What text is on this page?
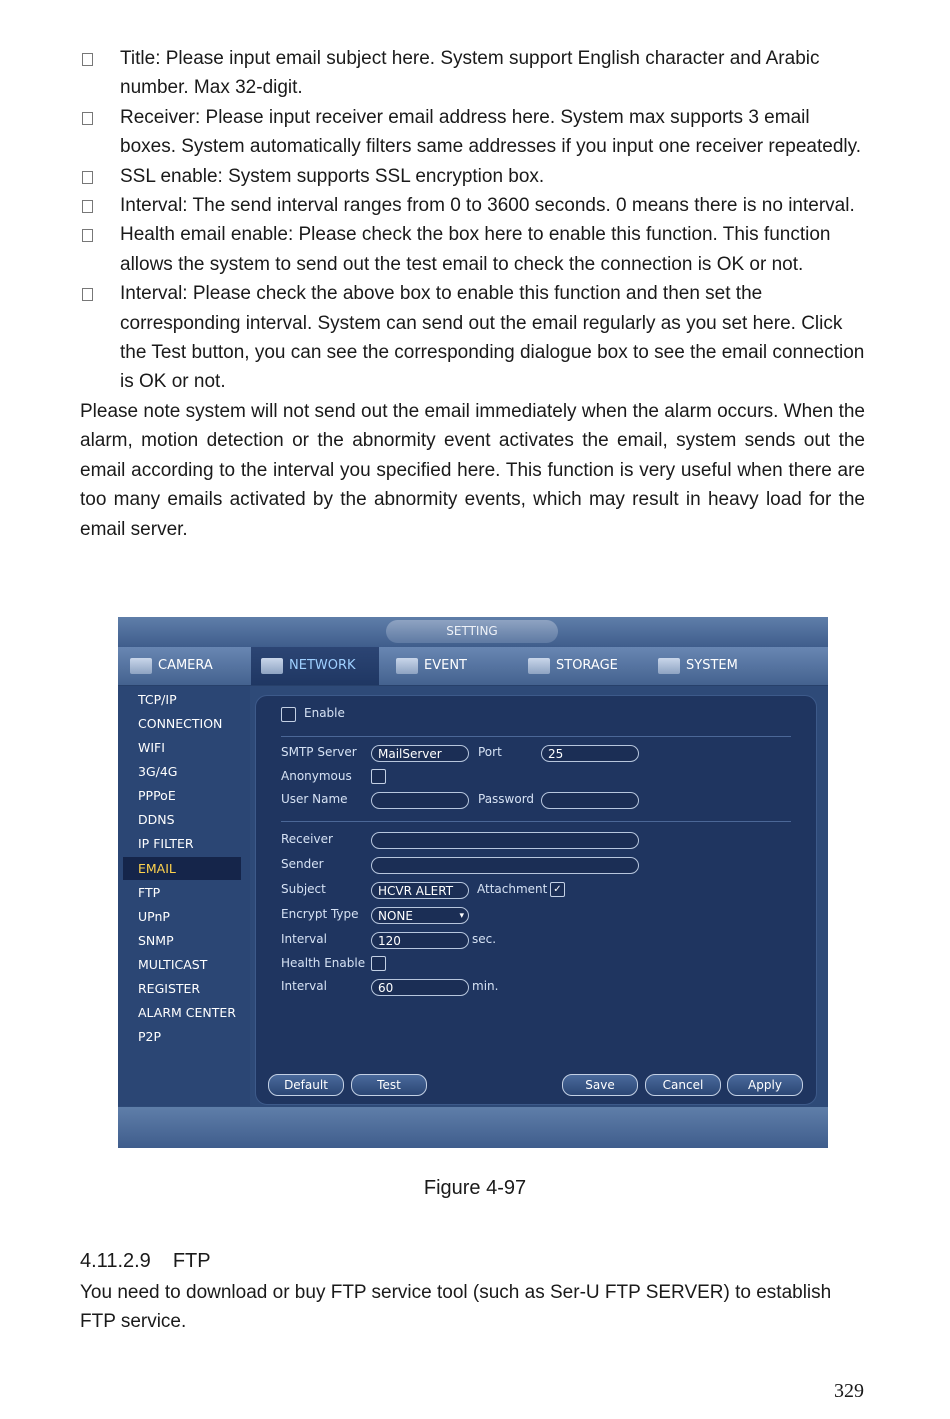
Title: Please input email subject here. System support English character and Arabic number. Max 32-digit.
Receiver: Please input receiver email address here. System max supports 3 email boxes. System automatically filters same addresses if you input one receiver repeatedly.
SSL enable: System supports SSL encryption box.
Interval: The send interval ranges from 0 to 3600 seconds. 0 means there is no interval.
Health email enable: Please check the box here to enable this function. This function allows the system to send out the test email to check the connection is OK or not.
Interval: Please check the above box to enable this function and then set the corresponding interval. System can send out the email regularly as you set here. Click the Test button, you can see the corresponding dialogue box to see the email connection is OK or not.

Please note system will not send out the email immediately when the alarm occurs. When the alarm, motion detection or the abnormity event activates the email, system sends out the email according to the interval you specified here. This function is very useful when there are too many emails activated by the abnormity events, which may result in heavy load for the email server.

SETTING
CAMERA	NETWORK	EVENT	STORAGE	SYSTEM
TCP/IP
CONNECTION
WIFI
3G/4G
PPPoE
DDNS
IP FILTER
EMAIL
FTP
UPnP
SNMP
MULTICAST
REGISTER
ALARM CENTER
P2P
Enable
SMTP Server	MailServer	Port	25
Anonymous
User Name	Password
Receiver
Sender
Subject	HCVR ALERT	Attachment ✓
Encrypt Type	NONE	▾
Interval	120	sec.
Health Enable
Interval	60	min.
Default	Test	Save	Cancel	Apply
Figure 4-97
4.11.2.9 FTP

You need to download or buy FTP service tool (such as Ser-U FTP SERVER) to establish FTP service.

329
